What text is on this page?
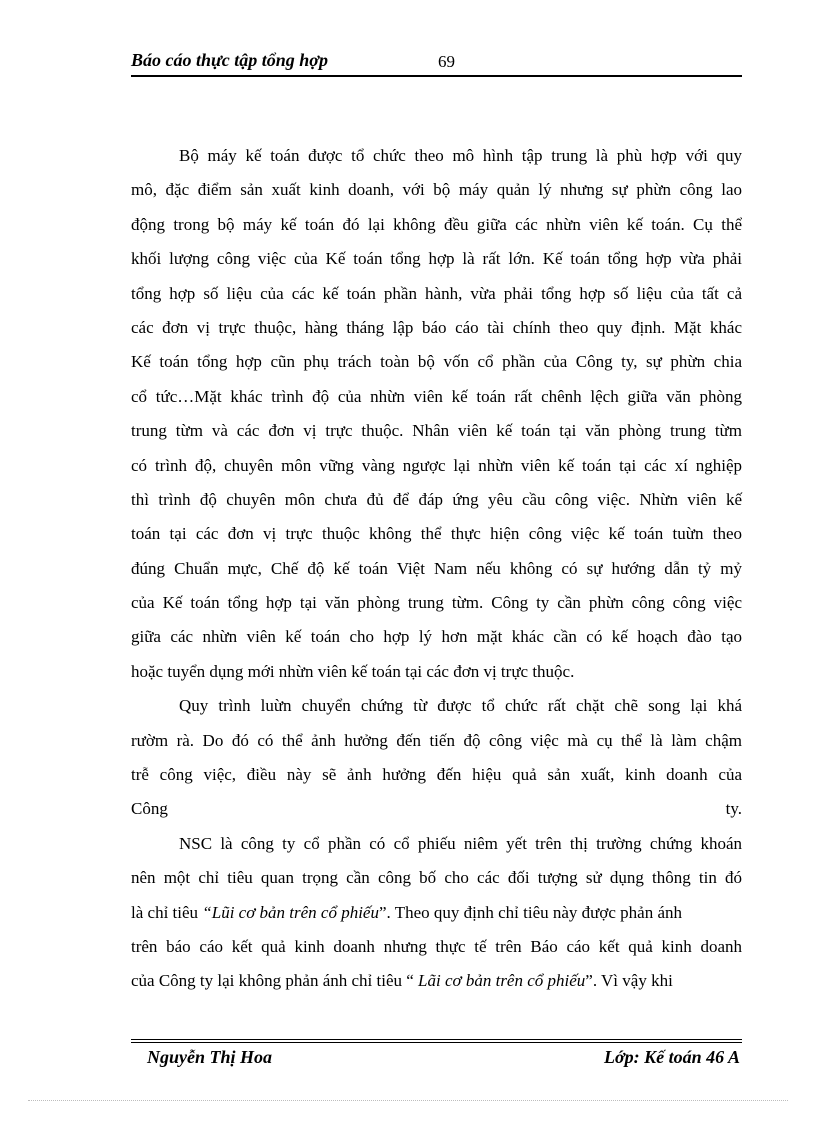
Báo cáo thực tập tổng hợp	69
Bộ máy kế toán được tổ chức theo mô hình tập trung là phù hợp với quy
mô, đặc điểm sản xuất kinh doanh, với bộ máy quản lý nhưng sự phừn công lao
động trong bộ máy kế toán đó lại không đều giữa các nhừn viên kế toán. Cụ thể
khối lượng công việc của Kế toán tổng hợp là rất lớn. Kế toán tổng hợp vừa phải
tổng hợp số liệu của các kế toán phần hành, vừa phải tổng hợp số liệu của tất cả
các đơn vị trực thuộc, hàng tháng lập báo cáo tài chính theo quy định. Mặt khác
Kế toán tổng hợp cũn phụ trách toàn bộ vốn cổ phần của Công ty, sự phừn chia
cổ tức…Mặt khác trình độ của nhừn viên kế toán rất chênh lệch giữa văn phòng
trung từm và các đơn vị trực thuộc. Nhân viên kế toán tại văn phòng trung từm
có trình độ, chuyên môn vững vàng ngược lại nhừn viên kế toán tại các xí nghiệp
thì trình độ chuyên môn chưa đủ để đáp ứng yêu cầu công việc. Nhừn viên kế
toán tại các đơn vị trực thuộc không thể thực hiện công việc kế toán tuừn theo
đúng Chuẩn mực, Chế độ kế toán Việt Nam nếu không có sự hướng dẫn tỷ mỷ
của Kế toán tổng hợp tại văn phòng trung từm. Công ty cần phừn công công việc
giữa các nhừn viên kế toán cho hợp lý hơn mặt khác cần có kế hoạch đào tạo
hoặc tuyển dụng mới nhừn viên kế toán tại các đơn vị trực thuộc.
Quy trình luừn chuyển chứng từ được tổ chức rất chặt chẽ song lại khá
rườm rà. Do đó có thể ảnh hưởng đến tiến độ công việc mà cụ thể là làm chậm
trễ công việc, điều này sẽ ảnh hưởng đến hiệu quả sản xuất, kinh doanh của
Công	ty.
NSC là công ty cổ phần có cổ phiếu niêm yết trên thị trường chứng khoán
nên một chỉ tiêu quan trọng cần công bố cho các đối tượng sử dụng thông tin đó
là chỉ tiêu “Lũi cơ bản trên cổ phiếu”. Theo quy định chỉ tiêu này được phản ánh
trên báo cáo kết quả kinh doanh nhưng thực tế trên Báo cáo kết quả kinh doanh
của Công ty lại không phản ánh chỉ tiêu “ Lãi cơ bản trên cổ phiếu”. Vì vậy khi
Nguyễn Thị Hoa	Lớp: Kế toán 46 A
